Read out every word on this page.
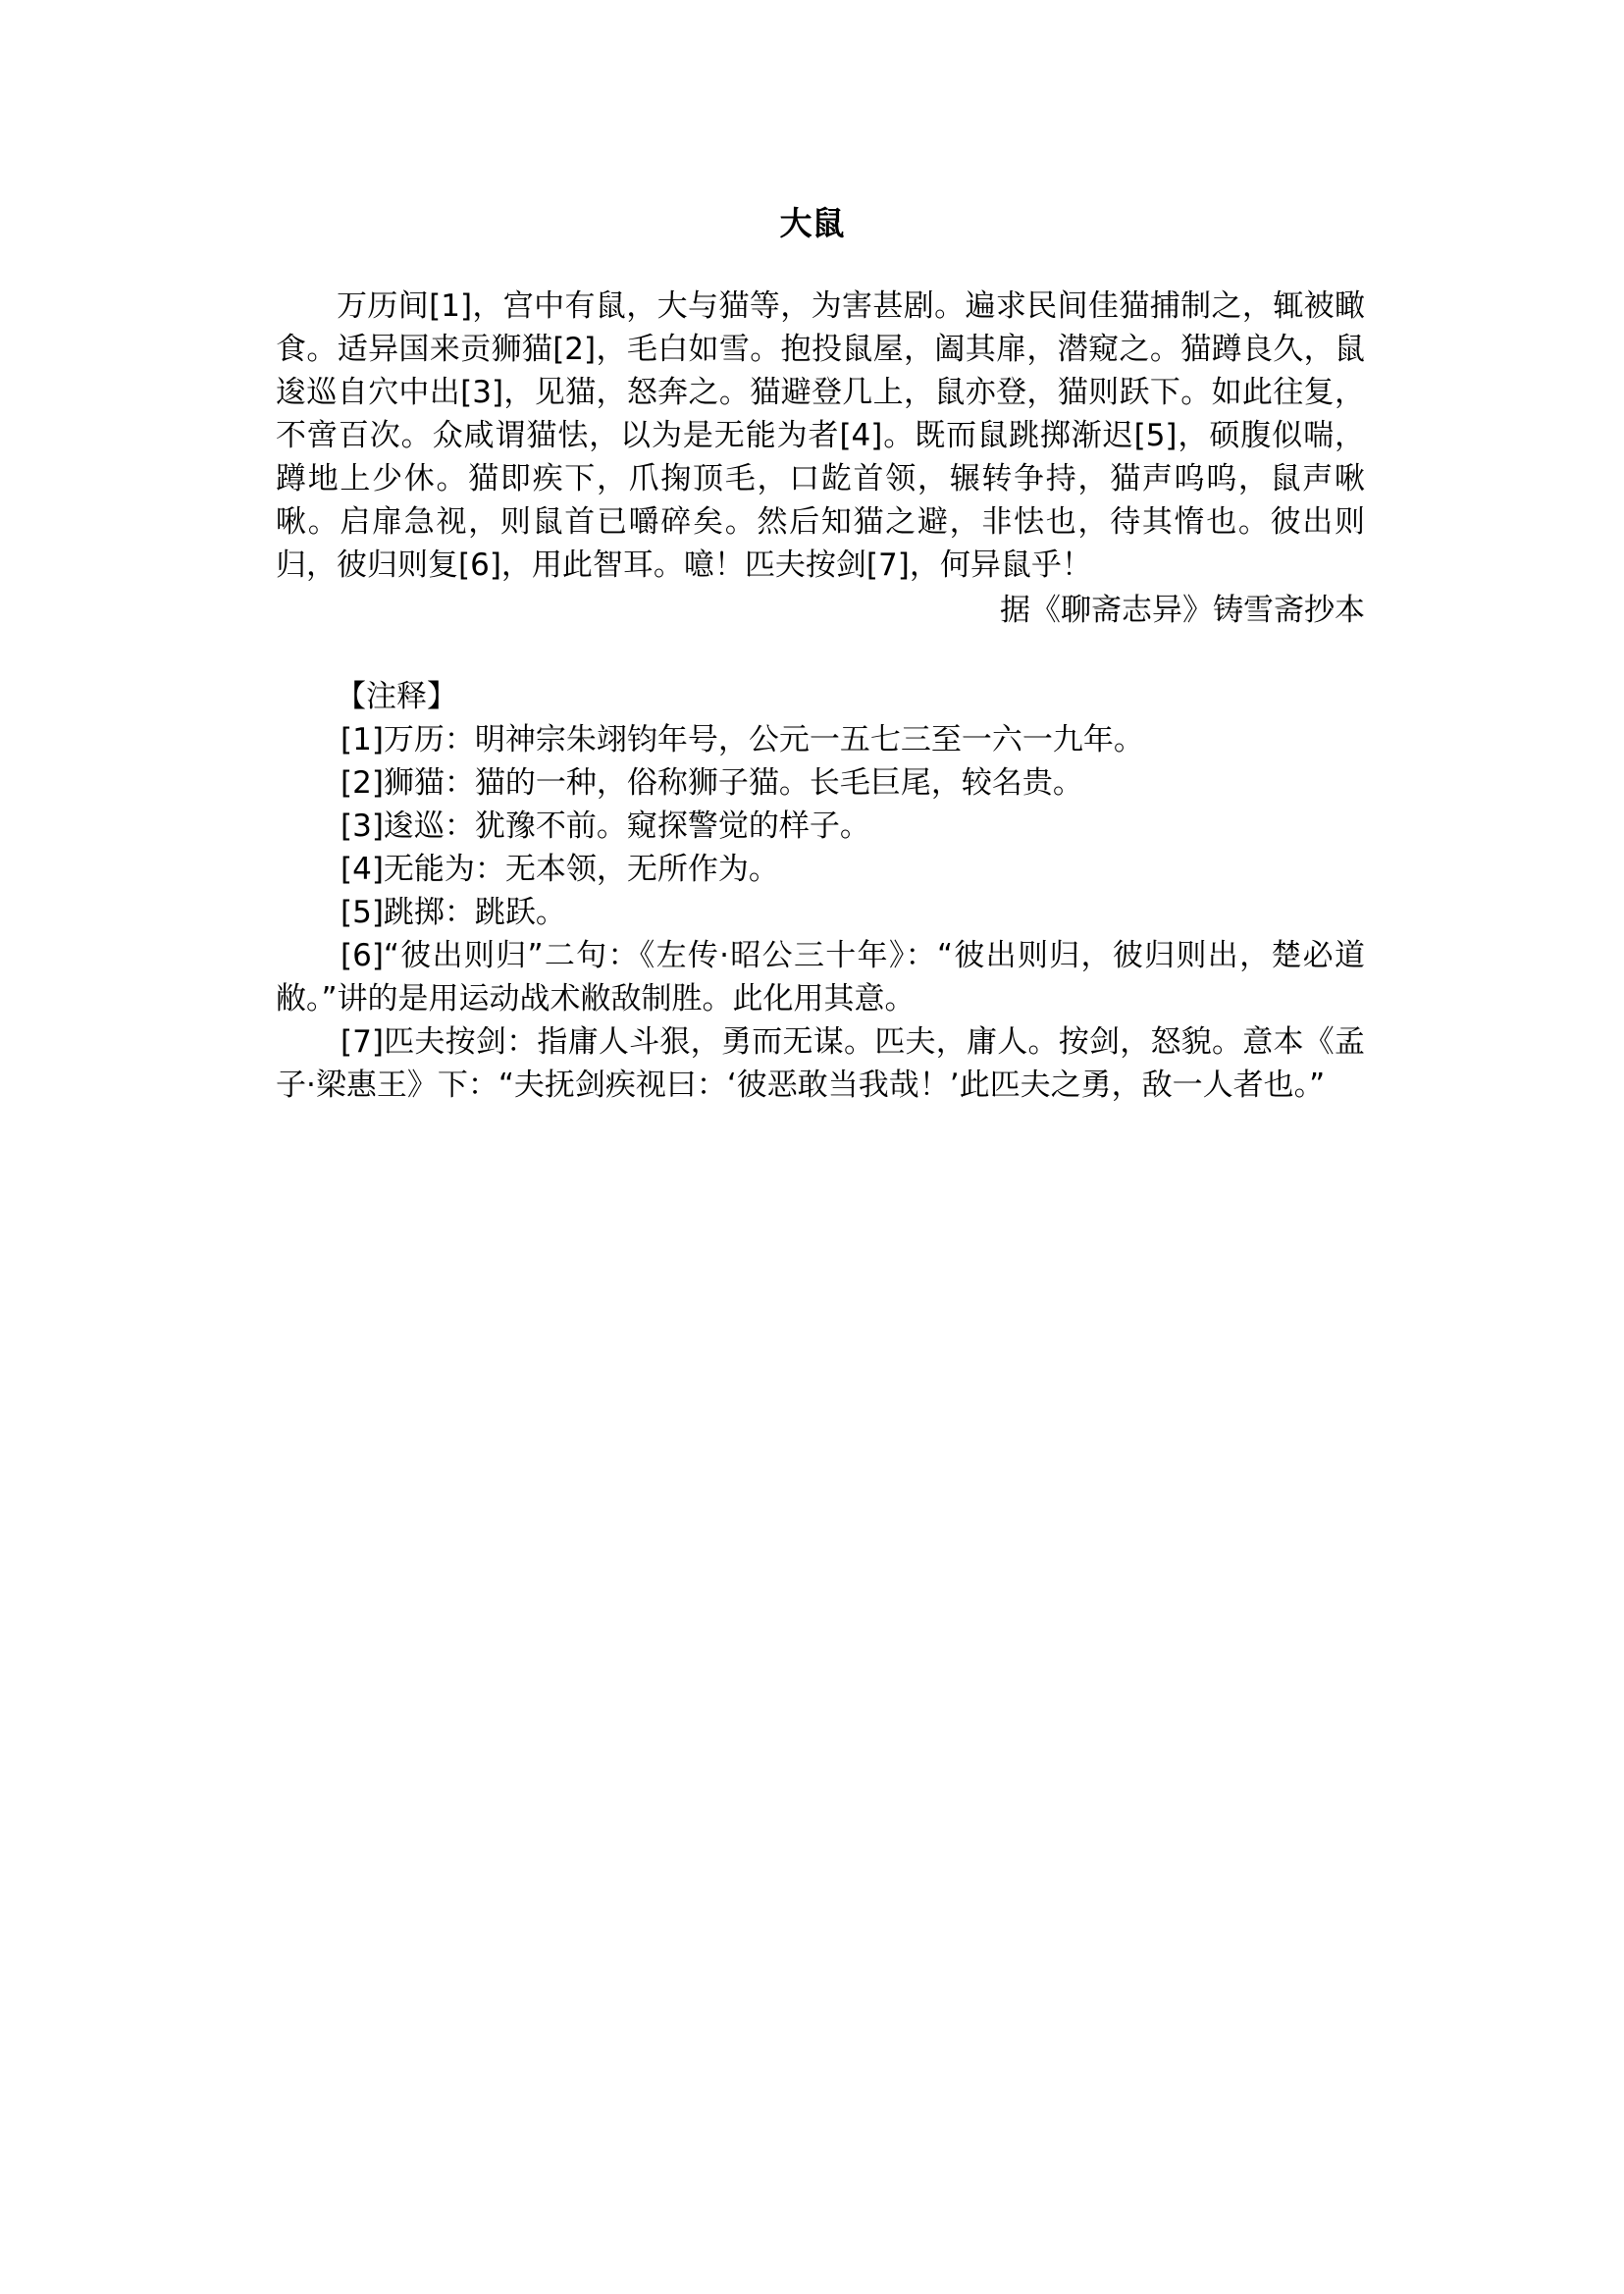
大鼠

万历间[1]，宫中有鼠，大与猫等，为害甚剧。遍求民间佳猫捕制之，辄被瞰食。适异国来贡狮猫[2]，毛白如雪。抱投鼠屋，阖其扉，潜窥之。猫蹲良久，鼠逡巡自穴中出[3]，见猫，怒奔之。猫避登几上，鼠亦登，猫则跃下。如此往复，不啻百次。众咸谓猫怯，以为是无能为者[4]。既而鼠跳掷渐迟[5]，硕腹似喘，蹲地上少休。猫即疾下，爪掬顶毛，口龁首领，辗转争持，猫声呜呜，鼠声啾啾。启扉急视，则鼠首已嚼碎矣。然后知猫之避，非怯也，待其惰也。彼出则归，彼归则复[6]，用此智耳。噫！匹夫按剑[7]，何异鼠乎！

据《聊斋志异》铸雪斋抄本

【注释】

[1]万历：明神宗朱翊钧年号，公元一五七三至一六一九年。

[2]狮猫：猫的一种，俗称狮子猫。长毛巨尾，较名贵。

[3]逡巡：犹豫不前。窥探警觉的样子。

[4]无能为：无本领，无所作为。

[5]跳掷：跳跃。

[6]“彼出则归”二句：《左传·昭公三十年》：“彼出则归，彼归则出，楚必道敝。”讲的是用运动战术敝敌制胜。此化用其意。

[7]匹夫按剑：指庸人斗狠，勇而无谋。匹夫，庸人。按剑，怒貌。意本《孟子·梁惠王》下：“夫抚剑疾视曰：‘彼恶敢当我哉！’此匹夫之勇，敌一人者也。”
